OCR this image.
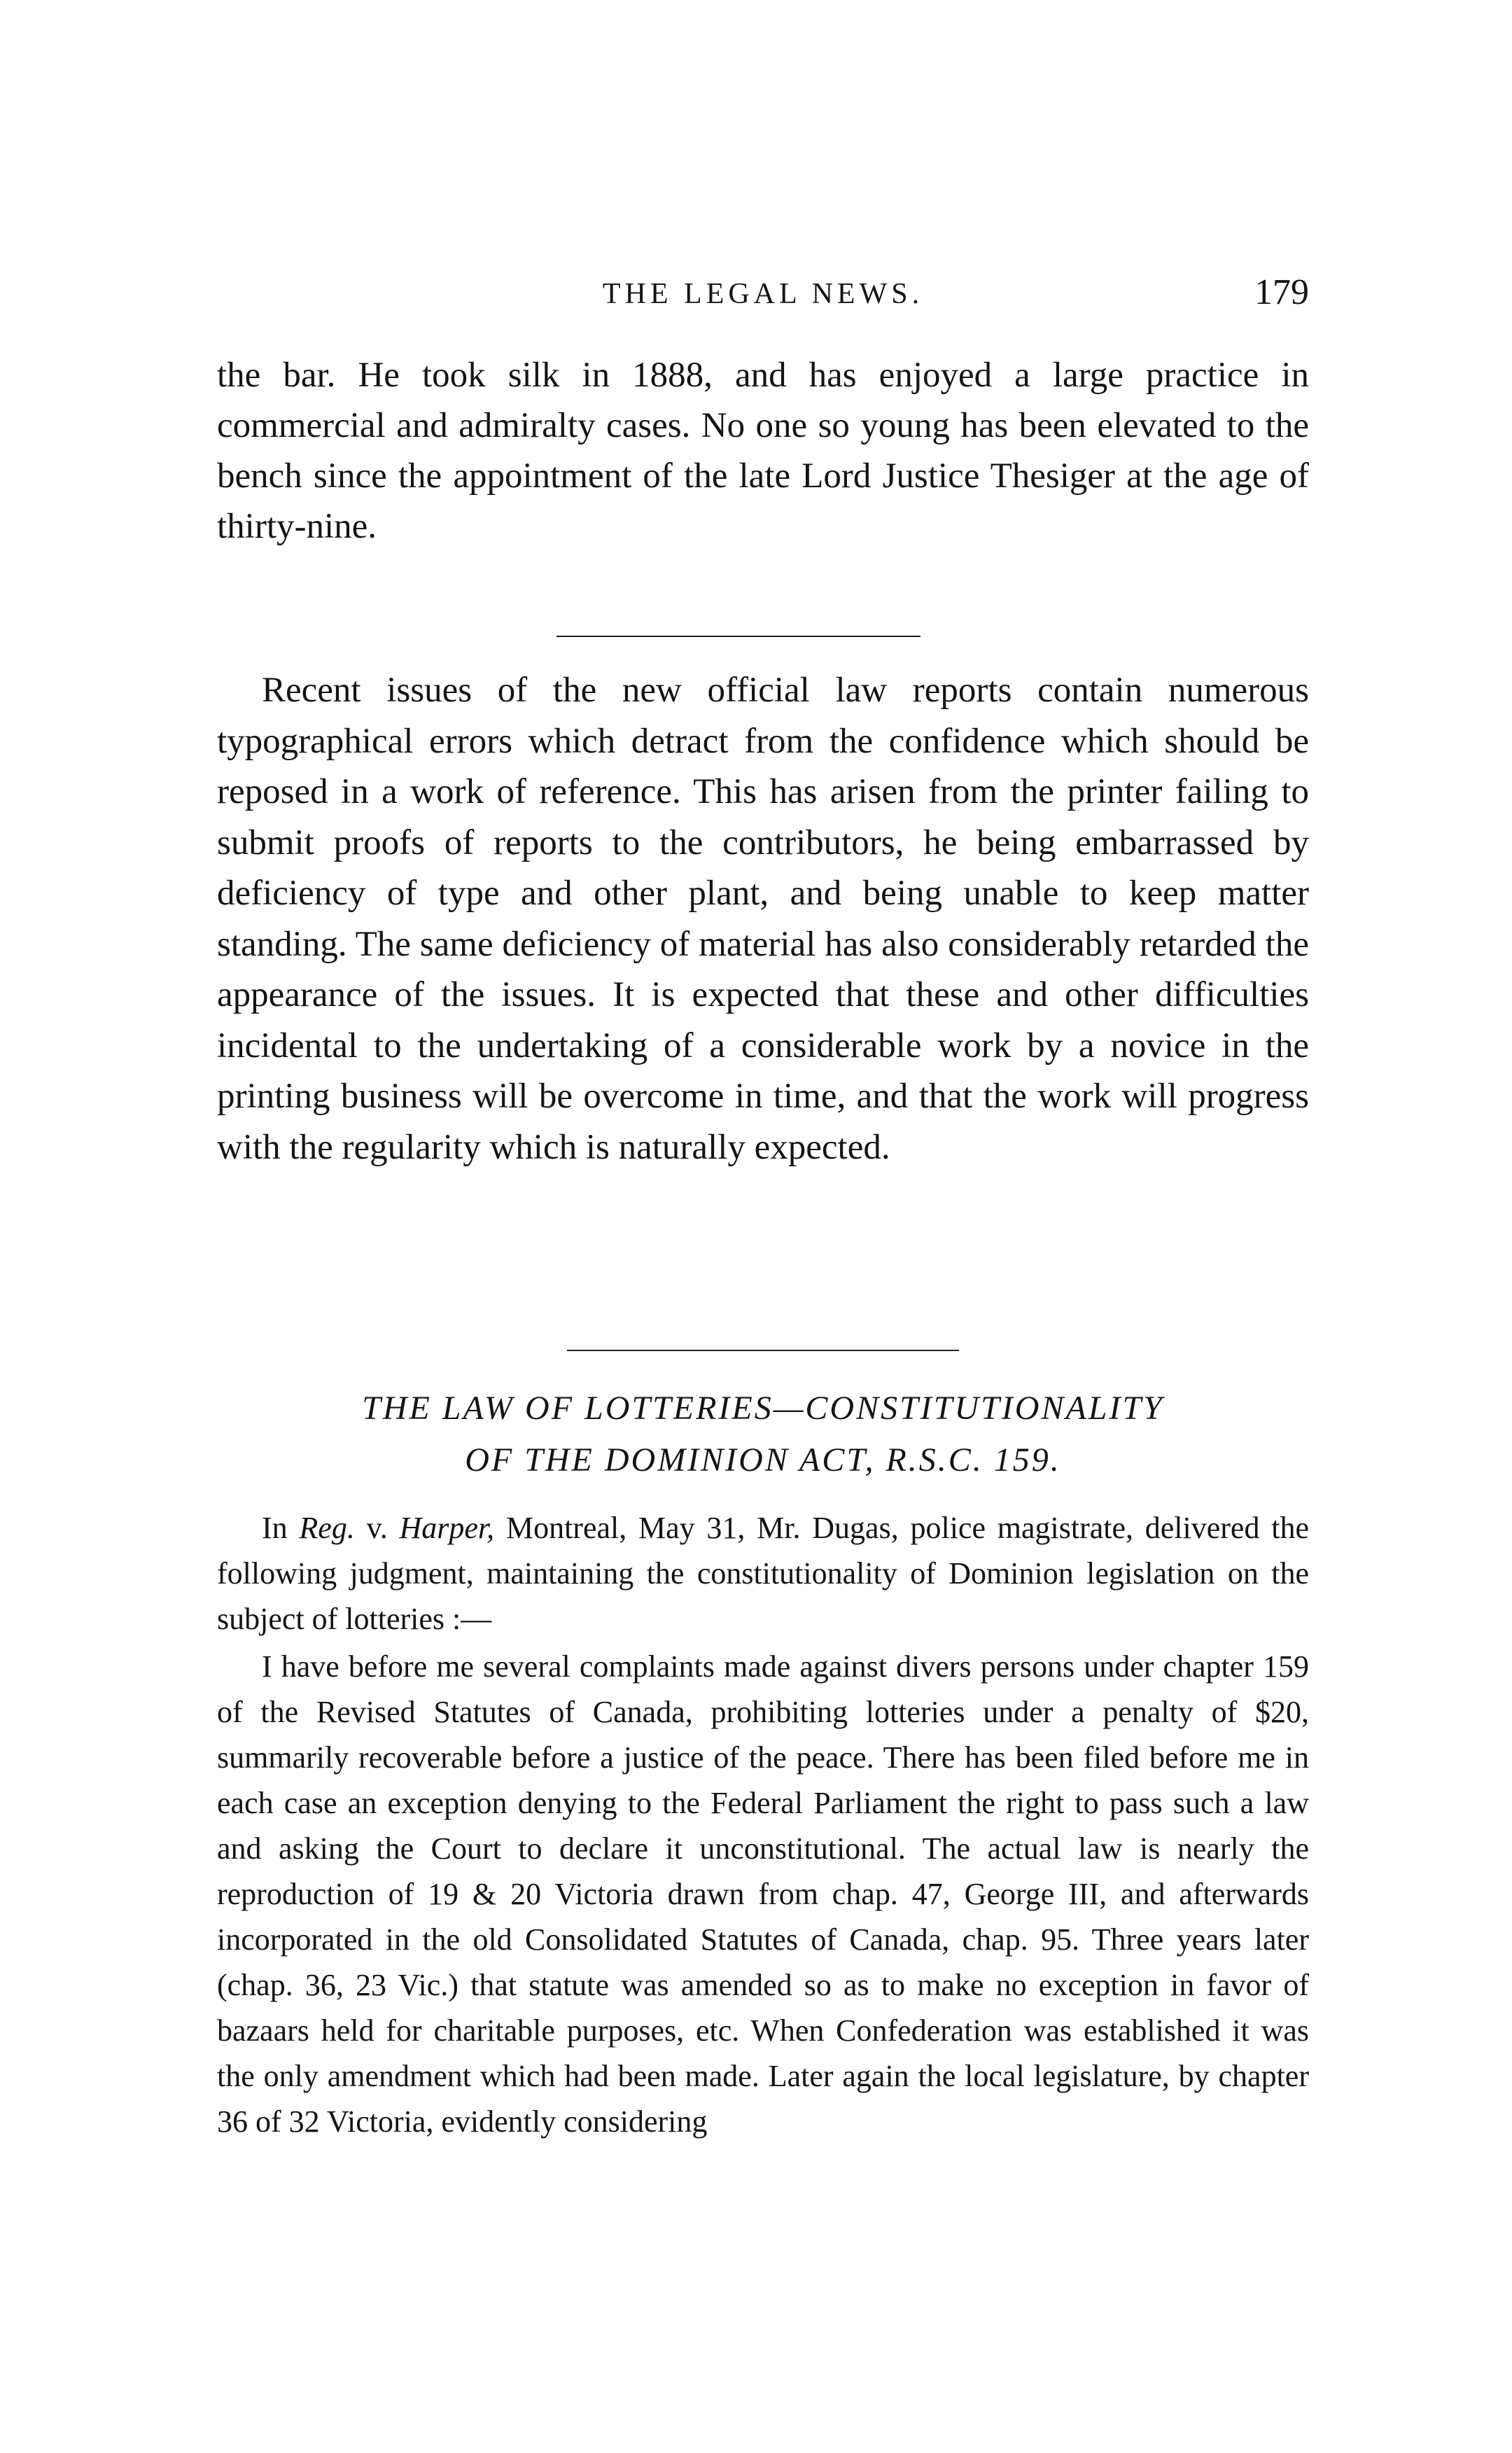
THE LEGAL NEWS.	179

the bar. He took silk in 1888, and has enjoyed a large practice in commercial and admiralty cases. No one so young has been elevated to the bench since the appointment of the late Lord Justice Thesiger at the age of thirty-nine.

Recent issues of the new official law reports contain numerous typographical errors which detract from the confidence which should be reposed in a work of reference. This has arisen from the printer failing to submit proofs of reports to the contributors, he being embarrassed by deficiency of type and other plant, and being unable to keep matter standing. The same deficiency of material has also considerably retarded the appearance of the issues. It is expected that these and other difficulties incidental to the undertaking of a considerable work by a novice in the printing business will be overcome in time, and that the work will progress with the regularity which is naturally expected.

THE LAW OF LOTTERIES—CONSTITUTIONALITY
OF THE DOMINION ACT, R.S.C. 159.

In Reg. v. Harper, Montreal, May 31, Mr. Dugas, police magistrate, delivered the following judgment, maintaining the constitutionality of Dominion legislation on the subject of lotteries :—

I have before me several complaints made against divers persons under chapter 159 of the Revised Statutes of Canada, prohibiting lotteries under a penalty of $20, summarily recoverable before a justice of the peace. There has been filed before me in each case an exception denying to the Federal Parliament the right to pass such a law and asking the Court to declare it unconstitutional. The actual law is nearly the reproduction of 19 & 20 Victoria drawn from chap. 47, George III, and afterwards incorporated in the old Consolidated Statutes of Canada, chap. 95. Three years later (chap. 36, 23 Vic.) that statute was amended so as to make no exception in favor of bazaars held for charitable purposes, etc. When Confederation was established it was the only amendment which had been made. Later again the local legislature, by chapter 36 of 32 Victoria, evidently considering
